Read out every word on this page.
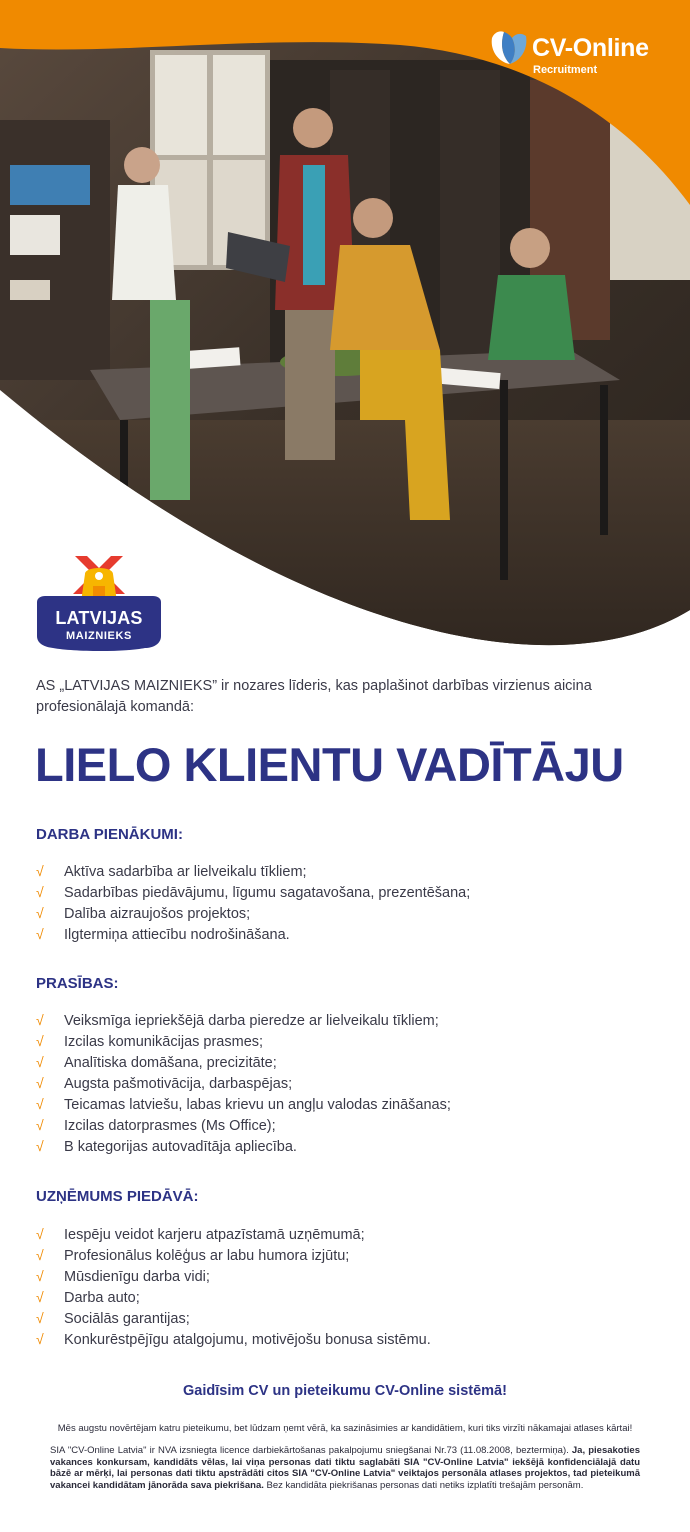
CV-Online
Recruitment
LATVIJAS
MAIZNIEKS

AS „LATVIJAS MAIZNIEKS” ir nozares līderis, kas paplašinot darbības virzienus aicina profesionālajā komandā:

LIELO KLIENTU VADĪTĀJU
DARBA PIENĀKUMI:
√	Aktīva sadarbība ar lielveikalu tīkliem;
√	Sadarbības piedāvājumu, līgumu sagatavošana, prezentēšana;
√	Dalība aizraujošos projektos;
√	Ilgtermiņa attiecību nodrošināšana.
PRASĪBAS:
√	Veiksmīga iepriekšējā darba pieredze ar lielveikalu tīkliem;
√	Izcilas komunikācijas prasmes;
√	Analītiska domāšana, precizitāte;
√	Augsta pašmotivācija, darbaspējas;
√	Teicamas latviešu, labas krievu un angļu valodas zināšanas;
√	Izcilas datorprasmes (Ms Office);
√	B kategorijas autovadītāja apliecība.
UZŅĒMUMS PIEDĀVĀ:
√	Iespēju veidot karjeru atpazīstamā uzņēmumā;
√	Profesionālus kolēģus ar labu humora izjūtu;
√	Mūsdienīgu darba vidi;
√	Darba auto;
√	Sociālās garantijas;
√	Konkurēstpējīgu atalgojumu, motivējošu bonusa sistēmu.

Gaidīsim CV un pieteikumu CV-Online sistēmā!

Mēs augstu novērtējam katru pieteikumu, bet lūdzam ņemt vērā, ka sazināsimies ar kandidātiem, kuri tiks virzīti nākamajai atlases kārtai!

SIA "CV-Online Latvia" ir NVA izsniegta licence darbiekārtošanas pakalpojumu sniegšanai Nr.73 (11.08.2008, beztermiņa). Ja, piesakoties vakances konkursam, kandidāts vēlas, lai viņa personas dati tiktu saglabāti SIA "CV-Online Latvia" iekšējā konfidenciālajā datu bāzē ar mērķi, lai personas dati tiktu apstrādāti citos SIA "CV-Online Latvia" veiktajos personāla atlases projektos, tad pieteikumā vakancei kandidātam jānorāda sava piekrišana. Bez kandidāta piekrišanas personas dati netiks izplatīti trešajām personām.
